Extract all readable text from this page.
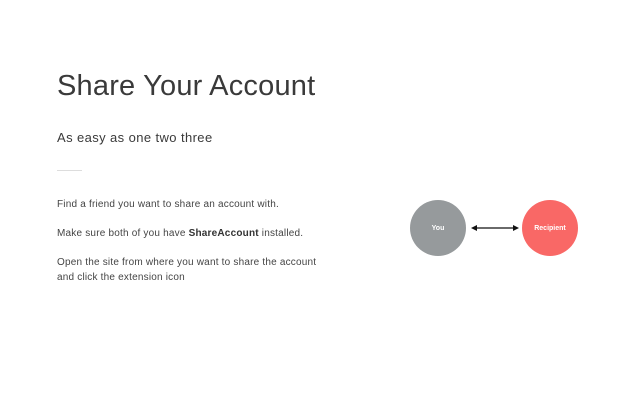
Share Your Account

As easy as one two three

Find a friend you want to share an account with.

Make sure both of you have ShareAccount installed.

Open the site from where you want to share the account and click the extension icon

You	Recipient
